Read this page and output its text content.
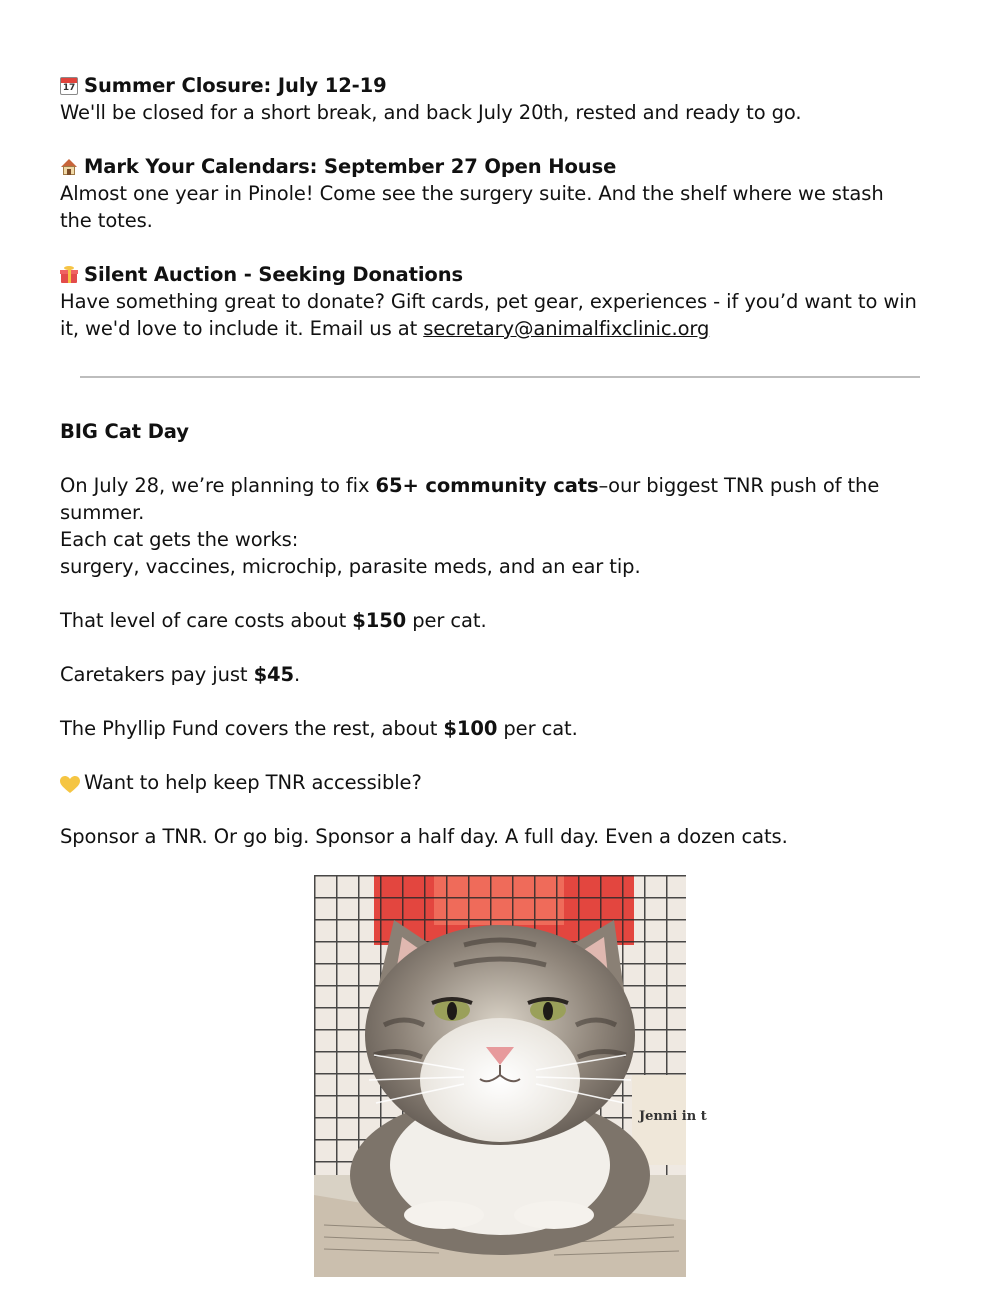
17
Summer Closure: July 12-19

We'll be closed for a short break, and back July 20th, rested and ready to go.

Mark Your Calendars: September 27 Open House

Almost one year in Pinole! Come see the surgery suite. And the shelf where we stash the totes.

Silent Auction - Seeking Donations

Have something great to donate? Gift cards, pet gear, experiences - if you’d want to win it, we'd love to include it. Email us at secretary@animalfixclinic.org

BIG Cat Day

On July 28, we’re planning to fix 65+ community cats–our biggest TNR push of the summer.

Each cat gets the works:

surgery, vaccines, microchip, parasite meds, and an ear tip.

That level of care costs about $150 per cat.

Caretakers pay just $45.

The Phyllip Fund covers the rest, about $100 per cat.

Want to help keep TNR accessible?

Sponsor a TNR. Or go big. Sponsor a half day. A full day. Even a dozen cats.

Jenni in t
